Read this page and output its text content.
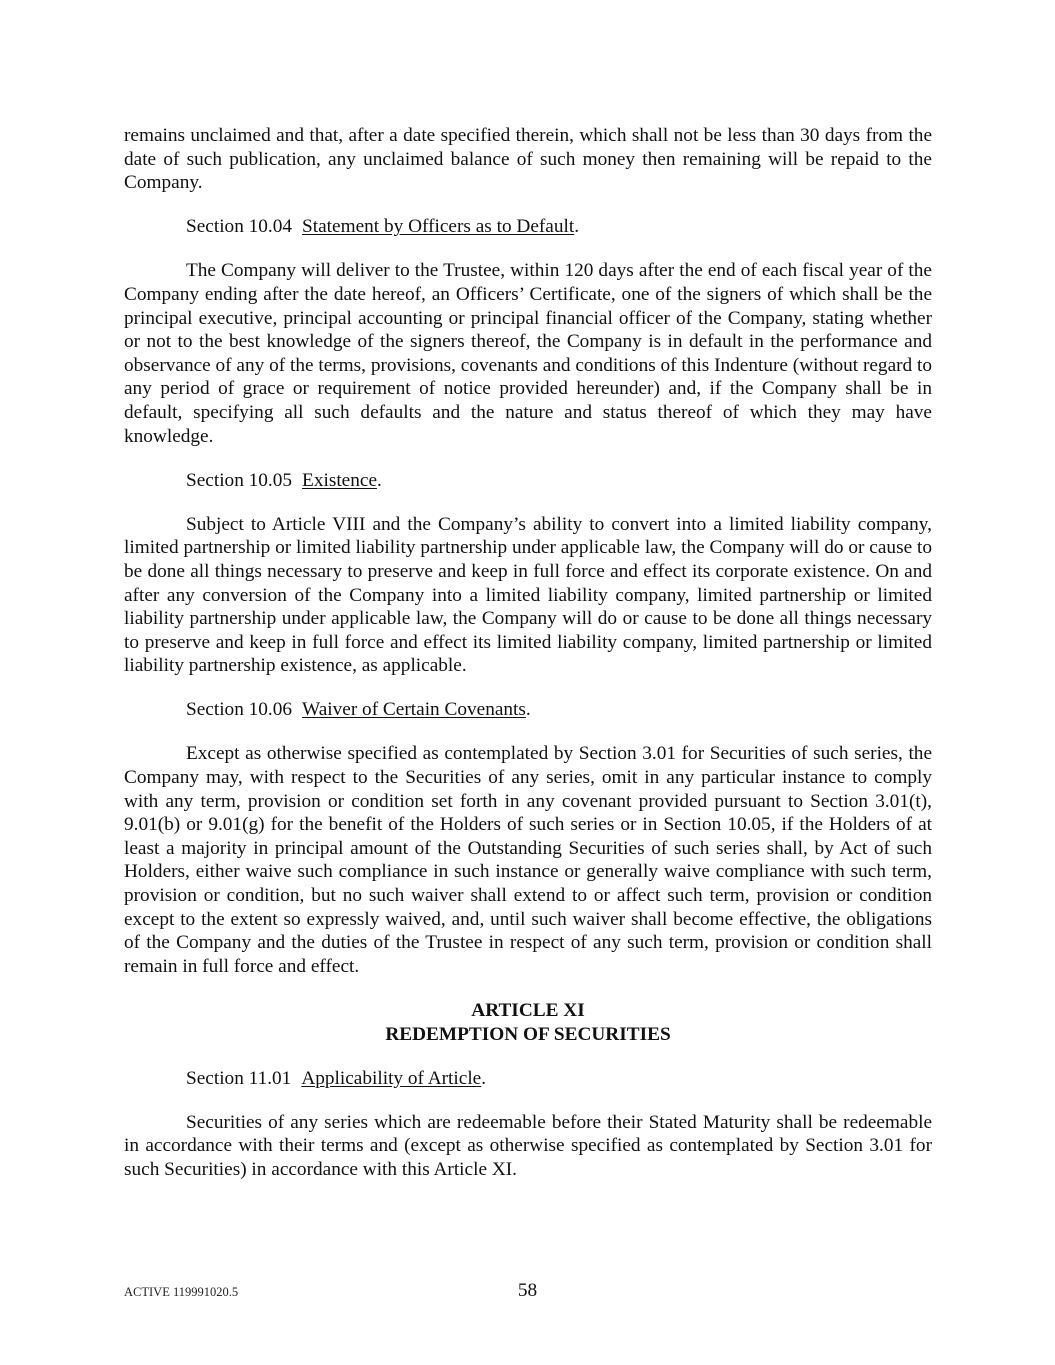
remains unclaimed and that, after a date specified therein, which shall not be less than 30 days from the date of such publication, any unclaimed balance of such money then remaining will be repaid to the Company.

Section 10.04 Statement by Officers as to Default.

The Company will deliver to the Trustee, within 120 days after the end of each fiscal year of the Company ending after the date hereof, an Officers’ Certificate, one of the signers of which shall be the principal executive, principal accounting or principal financial officer of the Company, stating whether or not to the best knowledge of the signers thereof, the Company is in default in the performance and observance of any of the terms, provisions, covenants and conditions of this Indenture (without regard to any period of grace or requirement of notice provided hereunder) and, if the Company shall be in default, specifying all such defaults and the nature and status thereof of which they may have knowledge.

Section 10.05 Existence.

Subject to Article VIII and the Company’s ability to convert into a limited liability company, limited partnership or limited liability partnership under applicable law, the Company will do or cause to be done all things necessary to preserve and keep in full force and effect its corporate existence. On and after any conversion of the Company into a limited liability company, limited partnership or limited liability partnership under applicable law, the Company will do or cause to be done all things necessary to preserve and keep in full force and effect its limited liability company, limited partnership or limited liability partnership existence, as applicable.

Section 10.06 Waiver of Certain Covenants.

Except as otherwise specified as contemplated by Section 3.01 for Securities of such series, the Company may, with respect to the Securities of any series, omit in any particular instance to comply with any term, provision or condition set forth in any covenant provided pursuant to Section 3.01(t), 9.01(b) or 9.01(g) for the benefit of the Holders of such series or in Section 10.05, if the Holders of at least a majority in principal amount of the Outstanding Securities of such series shall, by Act of such Holders, either waive such compliance in such instance or generally waive compliance with such term, provision or condition, but no such waiver shall extend to or affect such term, provision or condition except to the extent so expressly waived, and, until such waiver shall become effective, the obligations of the Company and the duties of the Trustee in respect of any such term, provision or condition shall remain in full force and effect.

ARTICLE XI

REDEMPTION OF SECURITIES

Section 11.01 Applicability of Article.

Securities of any series which are redeemable before their Stated Maturity shall be redeemable in accordance with their terms and (except as otherwise specified as contemplated by Section 3.01 for such Securities) in accordance with this Article XI.

58
ACTIVE 119991020.5
